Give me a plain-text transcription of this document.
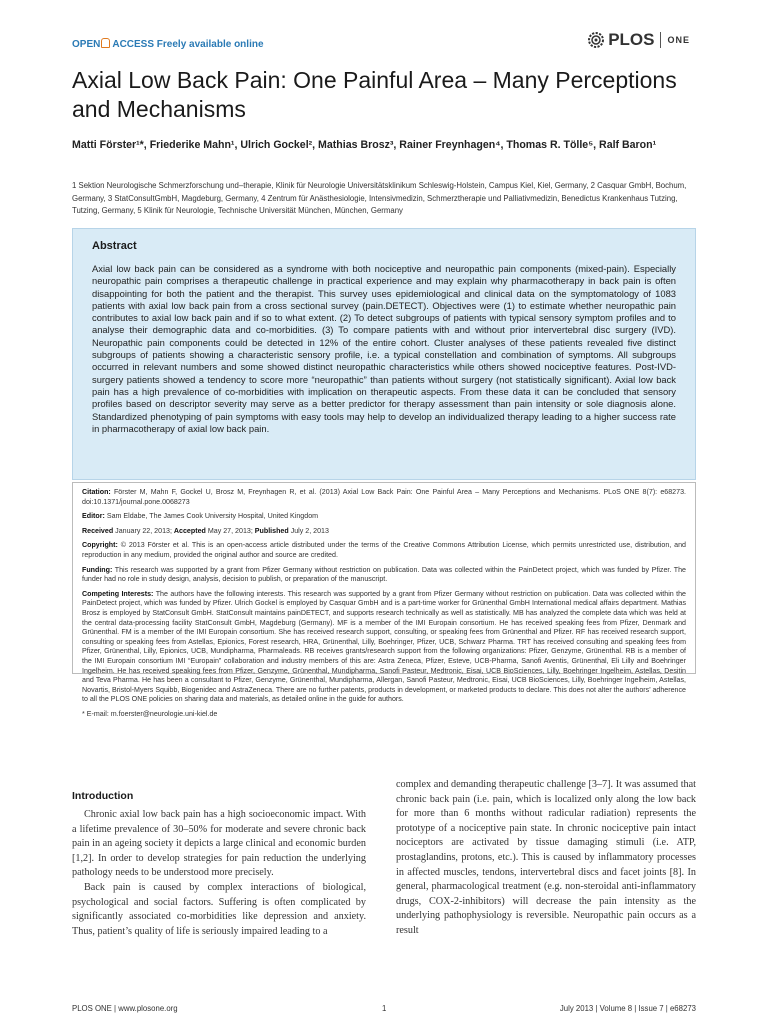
OPEN ACCESS Freely available online	PLOS ONE
Axial Low Back Pain: One Painful Area – Many Perceptions and Mechanisms
Matti Förster¹*, Friederike Mahn¹, Ulrich Gockel², Mathias Brosz³, Rainer Freynhagen⁴, Thomas R. Tölle⁵, Ralf Baron¹
1 Sektion Neurologische Schmerzforschung und–therapie, Klinik für Neurologie Universitätsklinikum Schleswig-Holstein, Campus Kiel, Kiel, Germany, 2 Casquar GmbH, Bochum, Germany, 3 StatConsultGmbH, Magdeburg, Germany, 4 Zentrum für Anästhesiologie, Intensivmedizin, Schmerztherapie und Palliativmedizin, Benedictus Krankenhaus Tutzing, Tutzing, Germany, 5 Klinik für Neurologie, Technische Universität München, München, Germany
Abstract
Axial low back pain can be considered as a syndrome with both nociceptive and neuropathic pain components (mixed-pain). Especially neuropathic pain comprises a therapeutic challenge in practical experience and may explain why pharmacotherapy in back pain is often disappointing for both the patient and the therapist. This survey uses epidemiological and clinical data on the symptomatology of 1083 patients with axial low back pain from a cross sectional survey (pain.DETECT). Objectives were (1) to estimate whether neuropathic pain contributes to axial low back pain and if so to what extent. (2) To detect subgroups of patients with typical sensory symptom profiles and to analyse their demographic data and co-morbidities. (3) To compare patients with and without prior intervertebral disc surgery (IVD). Neuropathic pain components could be detected in 12% of the entire cohort. Cluster analyses of these patients revealed five distinct subgroups of patients showing a characteristic sensory profile, i.e. a typical constellation and combination of symptoms. All subgroups occurred in relevant numbers and some showed distinct neuropathic characteristics while others showed nociceptive features. Post-IVD-surgery patients showed a tendency to score more “neuropathic” than patients without surgery (not statistically significant). Axial low back pain has a high prevalence of co-morbidities with implication on therapeutic aspects. From these data it can be concluded that sensory profiles based on descriptor severity may serve as a better predictor for therapy assessment than pain intensity or sole diagnosis alone. Standardized phenotyping of pain symptoms with easy tools may help to develop an individualized therapy leading to a higher success rate in pharmacotherapy of axial low back pain.

Citation: Förster M, Mahn F, Gockel U, Brosz M, Freynhagen R, et al. (2013) Axial Low Back Pain: One Painful Area – Many Perceptions and Mechanisms. PLoS ONE 8(7): e68273. doi:10.1371/journal.pone.0068273

Editor: Sam Eldabe, The James Cook University Hospital, United Kingdom

Received January 22, 2013; Accepted May 27, 2013; Published July 2, 2013

Copyright: © 2013 Förster et al. This is an open-access article distributed under the terms of the Creative Commons Attribution License, which permits unrestricted use, distribution, and reproduction in any medium, provided the original author and source are credited.

Funding: This research was supported by a grant from Pfizer Germany without restriction on publication. Data was collected within the PainDetect project, which was funded by Pfizer. The funder had no role in study design, analysis, decision to publish, or preparation of the manuscript.

Competing Interests: The authors have the following interests. This research was supported by a grant from Pfizer Germany without restriction on publication. Data was collected within the PainDetect project, which was funded by Pfizer. Ulrich Gockel is employed by Casquar GmbH and is a part-time worker for Grünenthal GmbH International medical affairs department. Mathias Brosz is employed by StatConsult GmbH. StatConsult maintains painDETECT, and supports research technically as well as statistically. MB has analyzed the complete data which was held at the central data-processing facility StatConsult GmbH, Magdeburg (Germany). MF is a member of the IMI Europain consortium. He has received speaking fees from Pfizer, Denmark and Grünenthal. FM is a member of the IMI Europain consortium. She has received research support, consulting, or speaking fees from Grünenthal and Pfizer. RF has received research support, consulting or speaking fees from Astellas, Epionics, Forest research, HRA, Grünenthal, Lilly, Boehringer, Pfizer, UCB, Schwarz Pharma. TRT has received consulting and speaking fees from Pfizer, Grünenthal, Lilly, Epionics, UCB, Mundipharma, Pharmaleads. RB receives grants/research support from the following organizations: Pfizer, Genzyme, Grünenthal. RB is a member of the IMI Europain consortium IMI “Europain” collaboration and industry members of this are: Astra Zeneca, Pfizer, Esteve, UCB-Pharma, Sanofi Aventis, Grünenthal, Eli Lilly and Boehringer Ingelheim. He has received speaking fees from Pfizer, Genzyme, Grünenthal, Mundipharma, Sanofi Pasteur, Medtronic, Eisai, UCB BioSciences, Lilly, Boehringer Ingelheim, Astellas, Desitin and Teva Pharma. He has been a consultant to Pfizer, Genzyme, Grünenthal, Mundipharma, Allergan, Sanofi Pasteur, Medtronic, Eisai, UCB BioSciences, Lilly, Boehringer Ingelheim, Astellas, Novartis, Bristol-Myers Squibb, Biogenidec and AstraZeneca. There are no further patents, products in development, or marketed products to declare. This does not alter the authors’ adherence to all the PLOS ONE policies on sharing data and materials, as detailed online in the guide for authors.

* E-mail: m.foerster@neurologie.uni-kiel.de

Introduction

Chronic axial low back pain has a high socioeconomic impact. With a lifetime prevalence of 30–50% for moderate and severe chronic back pain in an ageing society it depicts a large clinical and economic burden [1,2]. In order to develop strategies for pain reduction the underlying pathology needs to be understood more precisely.

Back pain is caused by complex interactions of biological, psychological and social factors. Suffering is often complicated by significantly associated co-morbidities like depression and anxiety. Thus, patient’s quality of life is seriously impaired leading to a

complex and demanding therapeutic challenge [3–7]. It was assumed that chronic back pain (i.e. pain, which is localized only along the low back for more than 6 months without radicular radiation) represents the prototype of a nociceptive pain state. In chronic nociceptive pain intact nociceptors are activated by tissue damaging stimuli (i.e. ATP, prostaglandins, protons, etc.). This is caused by inflammatory processes in affected muscles, tendons, intervertebral discs and facet joints [8]. In general, pharmacological treatment (e.g. non-steroidal anti-inflammatory drugs, COX-2-inhibitors) will decrease the pain intensity as the underlying pathophysiology is reversible. Neuropathic pain occurs as a result

PLOS ONE | www.plosone.org	1	July 2013 | Volume 8 | Issue 7 | e68273
